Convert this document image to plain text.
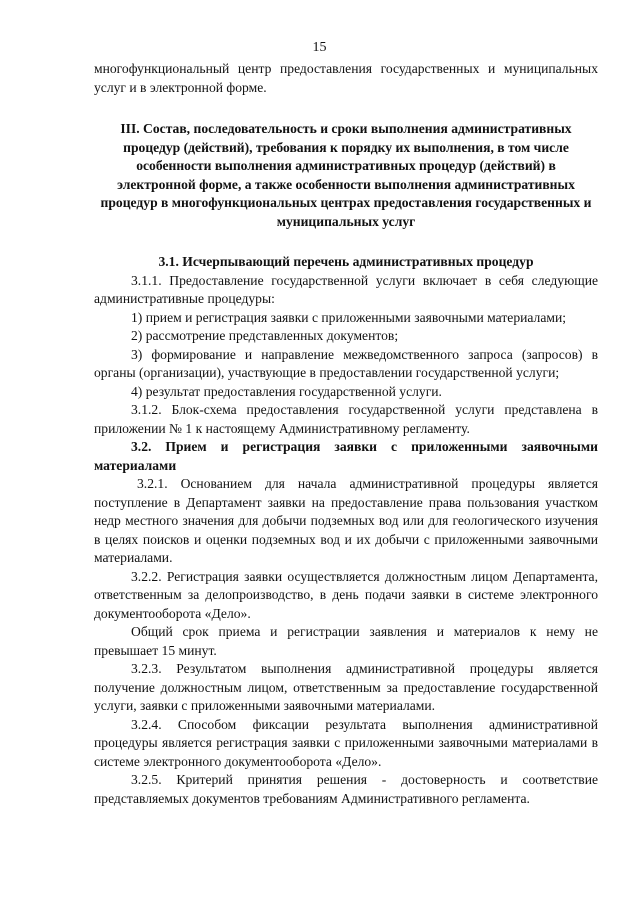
15

многофункциональный центр предоставления государственных и муниципальных услуг и в электронной форме.

III. Состав, последовательность и сроки выполнения административных процедур (действий), требования к порядку их выполнения, в том числе особенности выполнения административных процедур (действий) в электронной форме, а также особенности выполнения административных процедур в многофункциональных центрах предоставления государственных и муниципальных услуг

3.1. Исчерпывающий перечень административных процедур

3.1.1. Предоставление государственной услуги включает в себя следующие административные процедуры:

1) прием и регистрация заявки с приложенными заявочными материалами;

2) рассмотрение представленных документов;

3) формирование и направление межведомственного запроса (запросов) в органы (организации), участвующие в предоставлении государственной услуги;

4) результат предоставления государственной услуги.

3.1.2. Блок-схема предоставления государственной услуги представлена в приложении № 1 к настоящему Административному регламенту.

3.2. Прием и регистрация заявки с приложенными заявочными материалами

3.2.1. Основанием для начала административной процедуры является поступление в Департамент заявки на предоставление права пользования участком недр местного значения для добычи подземных вод или для геологического изучения в целях поисков и оценки подземных вод и их добычи с приложенными заявочными материалами.

3.2.2. Регистрация заявки осуществляется должностным лицом Департамента, ответственным за делопроизводство, в день подачи заявки в системе электронного документооборота «Дело».

Общий срок приема и регистрации заявления и материалов к нему не превышает 15 минут.

3.2.3. Результатом выполнения административной процедуры является получение должностным лицом, ответственным за предоставление государственной услуги, заявки с приложенными заявочными материалами.

3.2.4. Способом фиксации результата выполнения административной процедуры является регистрация заявки с приложенными заявочными материалами в системе электронного документооборота «Дело».

3.2.5. Критерий принятия решения - достоверность и соответствие представляемых документов требованиям Административного регламента.
